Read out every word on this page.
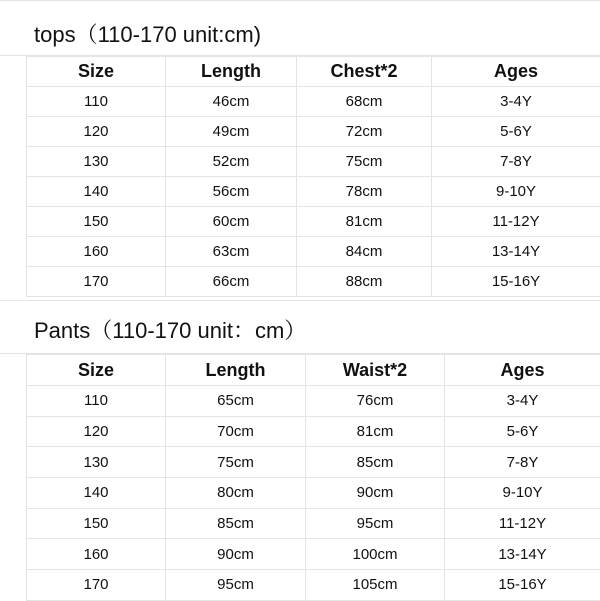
tops（110-170 unit:cm)
Size	Length	Chest*2	Ages
110	46cm	68cm	3-4Y
120	49cm	72cm	5-6Y
130	52cm	75cm	7-8Y
140	56cm	78cm	9-10Y
150	60cm	81cm	11-12Y
160	63cm	84cm	13-14Y
170	66cm	88cm	15-16Y
Pants（110-170 unit：cm）
Size	Length	Waist*2	Ages
110	65cm	76cm	3-4Y
120	70cm	81cm	5-6Y
130	75cm	85cm	7-8Y
140	80cm	90cm	9-10Y
150	85cm	95cm	11-12Y
160	90cm	100cm	13-14Y
170	95cm	105cm	15-16Y
